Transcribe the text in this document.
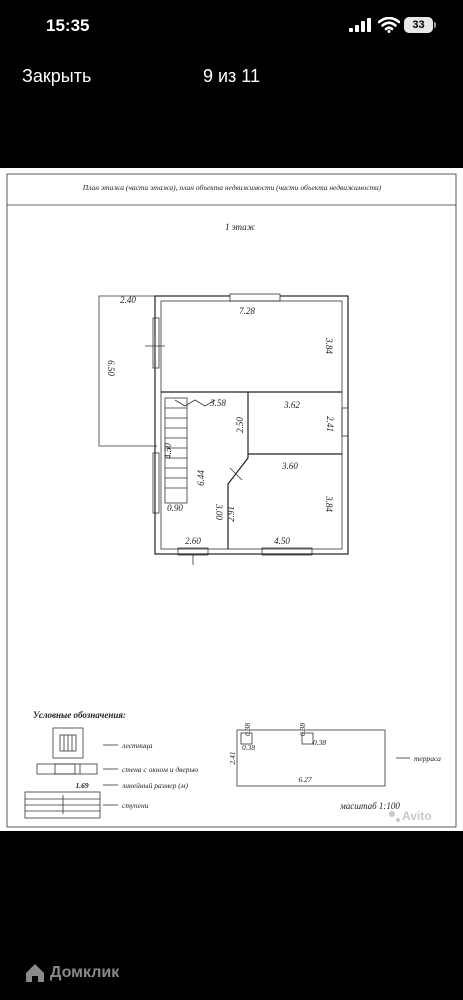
15:35	33
Закрыть	9 из 11
План этажа (части этажа), план объекта недвижимости (части объекта недвижимости)
1 этаж
2.40
7.28
6.50
3.84
3.58	3.62
4.50
2.50	2.41
6.44
3.60
3.84
0.90	3.00 2.91
2.60	4.50
Условные обозначения:
лестница
стена с окном и дверью
1.69	линейный размер (м)
ступени
0.38
0.38
0.38
0.38
2.41
6.27
терраса
масштаб 1:100
Avito
Домклик
